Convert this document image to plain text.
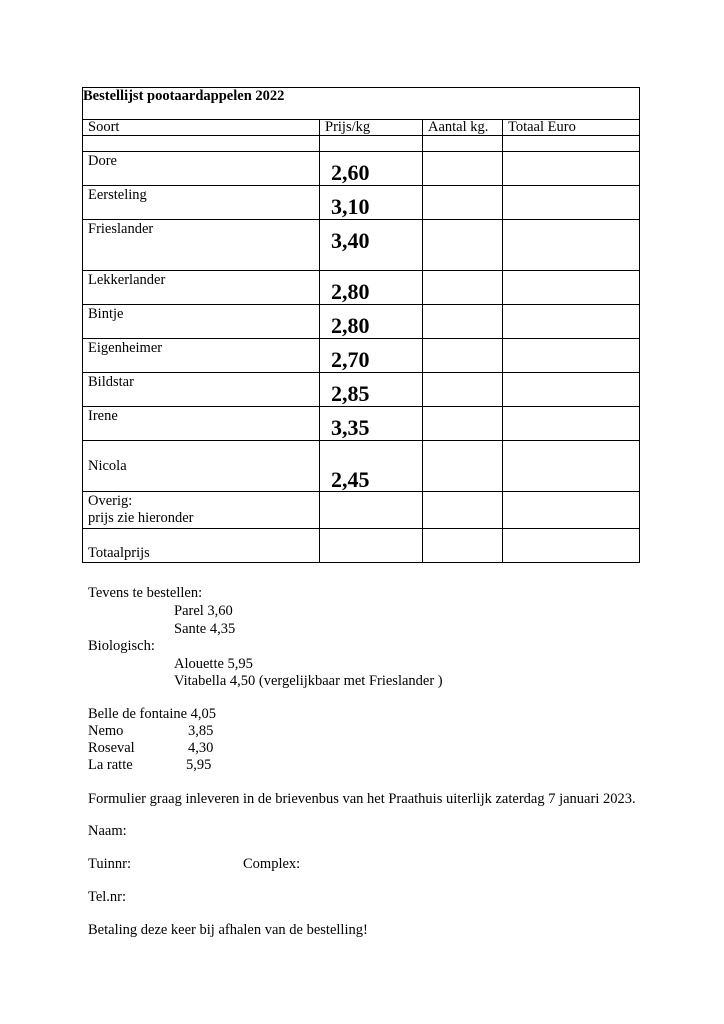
Bestellijst pootaardappelen 2022			
Soort	Prijs/kg	Aantal kg.	Totaal Euro

Dore	2,60		
Eersteling	3,10		
Frieslander	3,40		
Lekkerlander	2,80		
Bintje	2,80		
Eigenheimer	2,70		
Bildstar	2,85		
Irene	3,35		
Nicola	2,45		

Overig:
prijs zie hieronder			

Totaalprijs			
Tevens te bestellen:
Parel 3,60
Sante 4,35
Biologisch:
Alouette 5,95
Vitabella 4,50 (vergelijkbaar met Frieslander )
Belle de fontaine 4,05
Nemo	3,85
Roseval	4,30
La ratte	5,95
Formulier graag inleveren in de brievenbus van het Praathuis uiterlijk zaterdag 7 januari 2023.
Naam:
Tuinnr:	Complex:
Tel.nr:
Betaling deze keer bij afhalen van de bestelling!
